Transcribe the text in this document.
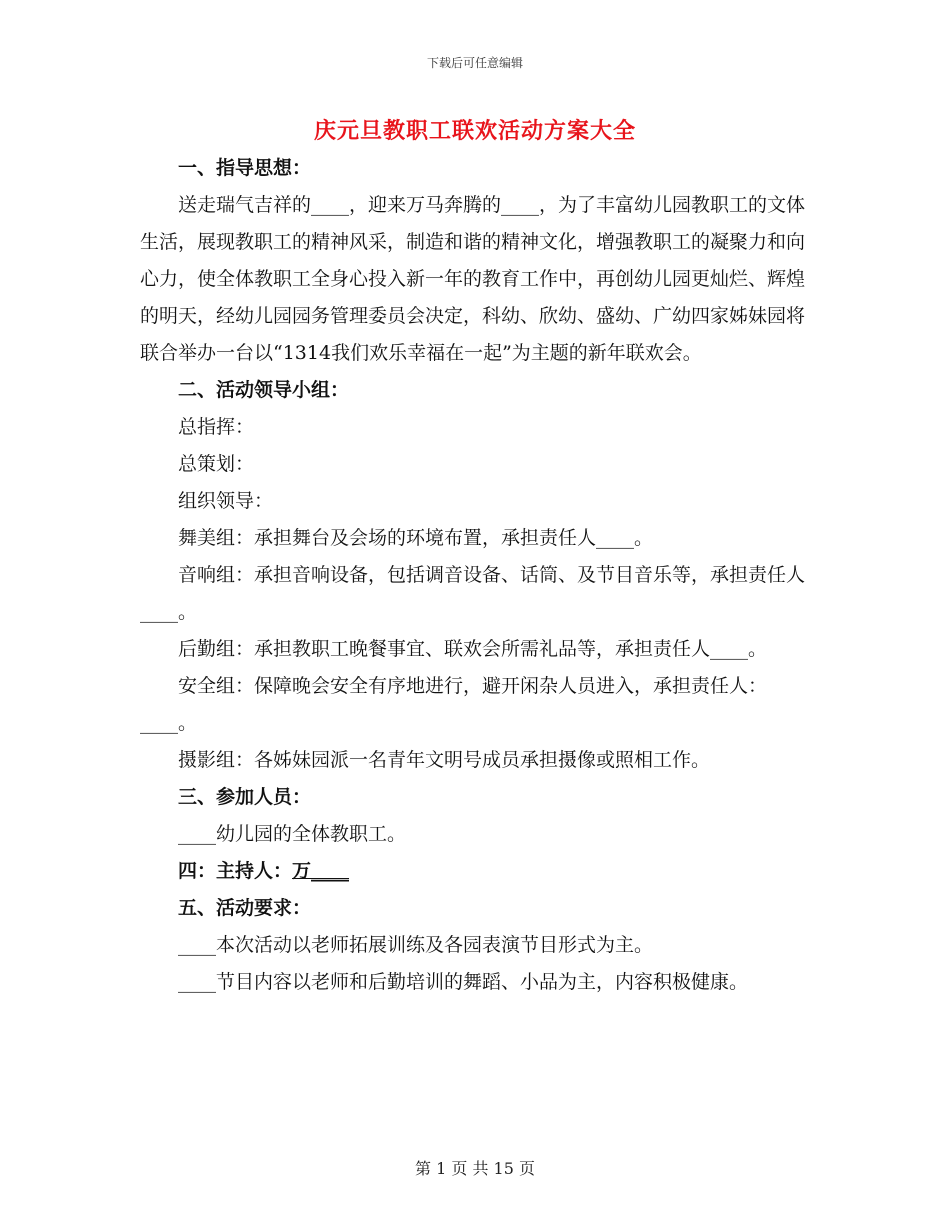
下载后可任意编辑
庆元旦教职工联欢活动方案大全

一、指导思想：

送走瑞气吉祥的____，迎来万马奔腾的____，为了丰富幼儿园教职工的文体生活，展现教职工的精神风采，制造和谐的精神文化，增强教职工的凝聚力和向心力，使全体教职工全身心投入新一年的教育工作中，再创幼儿园更灿烂、辉煌的明天，经幼儿园园务管理委员会决定，科幼、欣幼、盛幼、广幼四家姊妹园将联合举办一台以“1314我们欢乐幸福在一起”为主题的新年联欢会。

二、活动领导小组：

总指挥：

总策划：

组织领导：

舞美组：承担舞台及会场的环境布置，承担责任人____。

音响组：承担音响设备，包括调音设备、话筒、及节目音乐等，承担责任人____。

后勤组：承担教职工晚餐事宜、联欢会所需礼品等，承担责任人____。

安全组：保障晚会安全有序地进行，避开闲杂人员进入，承担责任人：____。

摄影组：各姊妹园派一名青年文明号成员承担摄像或照相工作。

三、参加人员：

____幼儿园的全体教职工。

四：主持人：万____

五、活动要求：

____本次活动以老师拓展训练及各园表演节目形式为主。

____节目内容以老师和后勤培训的舞蹈、小品为主，内容积极健康。

第 1 页 共 15 页
